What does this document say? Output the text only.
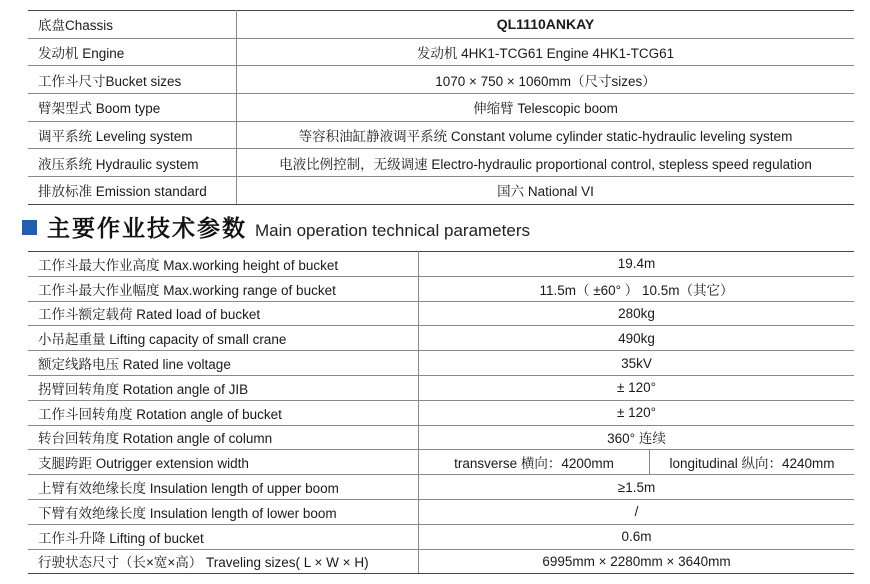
底盘Chassis	QL1110ANKAY
发动机 Engine	发动机 4HK1-TCG61 Engine 4HK1-TCG61
工作斗尺寸Bucket sizes	1070 × 750 × 1060mm（尺寸sizes）
臂架型式 Boom type	伸缩臂 Telescopic boom
调平系统 Leveling system	等容积油缸静液调平系统 Constant volume cylinder static-hydraulic leveling system
液压系统 Hydraulic system	电液比例控制，无级调速 Electro-hydraulic proportional control, stepless speed regulation
排放标准 Emission standard	国六 National VI
主要作业技术参数 Main operation technical parameters
工作斗最大作业高度 Max.working height of bucket	19.4m	
工作斗最大作业幅度 Max.working range of bucket	11.5m（ ±60° ） 10.5m（其它）	
工作斗额定载荷 Rated load of bucket	280kg	
小吊起重量 Lifting capacity of small crane	490kg	
额定线路电压 Rated line voltage	35kV	
拐臂回转角度 Rotation angle of JIB	± 120°	
工作斗回转角度 Rotation angle of bucket	± 120°	
转台回转角度 Rotation angle of column	360° 连续	
支腿跨距 Outrigger extension width	transverse 横向：4200mm	longitudinal 纵向：4240mm
上臂有效绝缘长度 Insulation length of upper boom	≥1.5m	
下臂有效绝缘长度 Insulation length of lower boom	/	
工作斗升降 Lifting of bucket	0.6m	
行驶状态尺寸（长×宽×高） Traveling sizes( L × W × H)	6995mm × 2280mm × 3640mm	
